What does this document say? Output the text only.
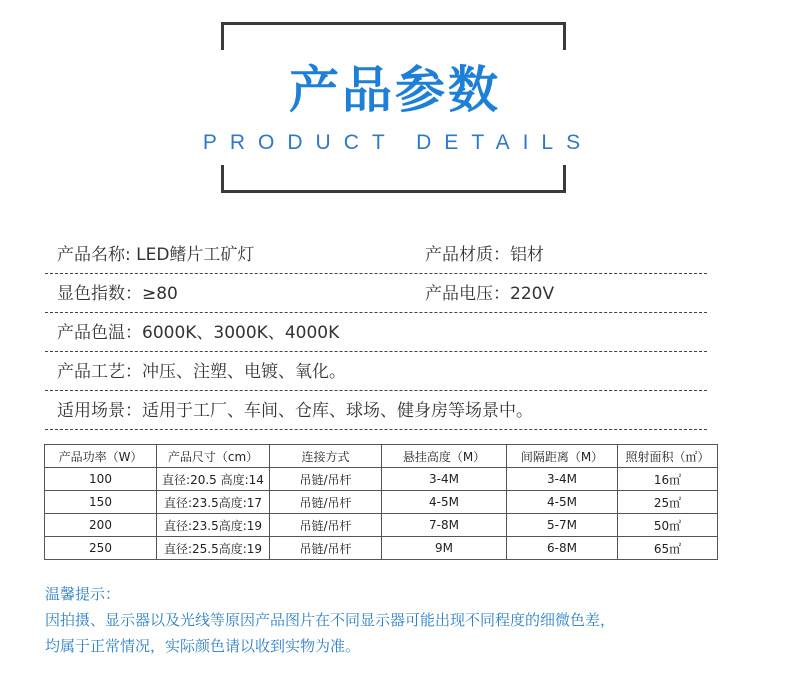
产品参数
PRODUCT DETAILS
产品名称: LED鳍片工矿灯	产品材质：铝材
显色指数：≥80	产品电压：220V
产品色温：6000K、3000K、4000K
产品工艺：冲压、注塑、电镀、氧化。
适用场景：适用于工厂、车间、仓库、球场、健身房等场景中。
产品功率（W）	产品尺寸（cm）	连接方式	悬挂高度（M）	间隔距离（M）	照射面积（㎡）
100	直径:20.5 高度:14	吊链/吊杆	3-4M	3-4M	16㎡
150	直径:23.5高度:17	吊链/吊杆	4-5M	4-5M	25㎡
200	直径:23.5高度:19	吊链/吊杆	7-8M	5-7M	50㎡
250	直径:25.5高度:19	吊链/吊杆	9M	6-8M	65㎡
温馨提示：
因拍摄、显示器以及光线等原因产品图片在不同显示器可能出现不同程度的细微色差，
均属于正常情况，实际颜色请以收到实物为准。
